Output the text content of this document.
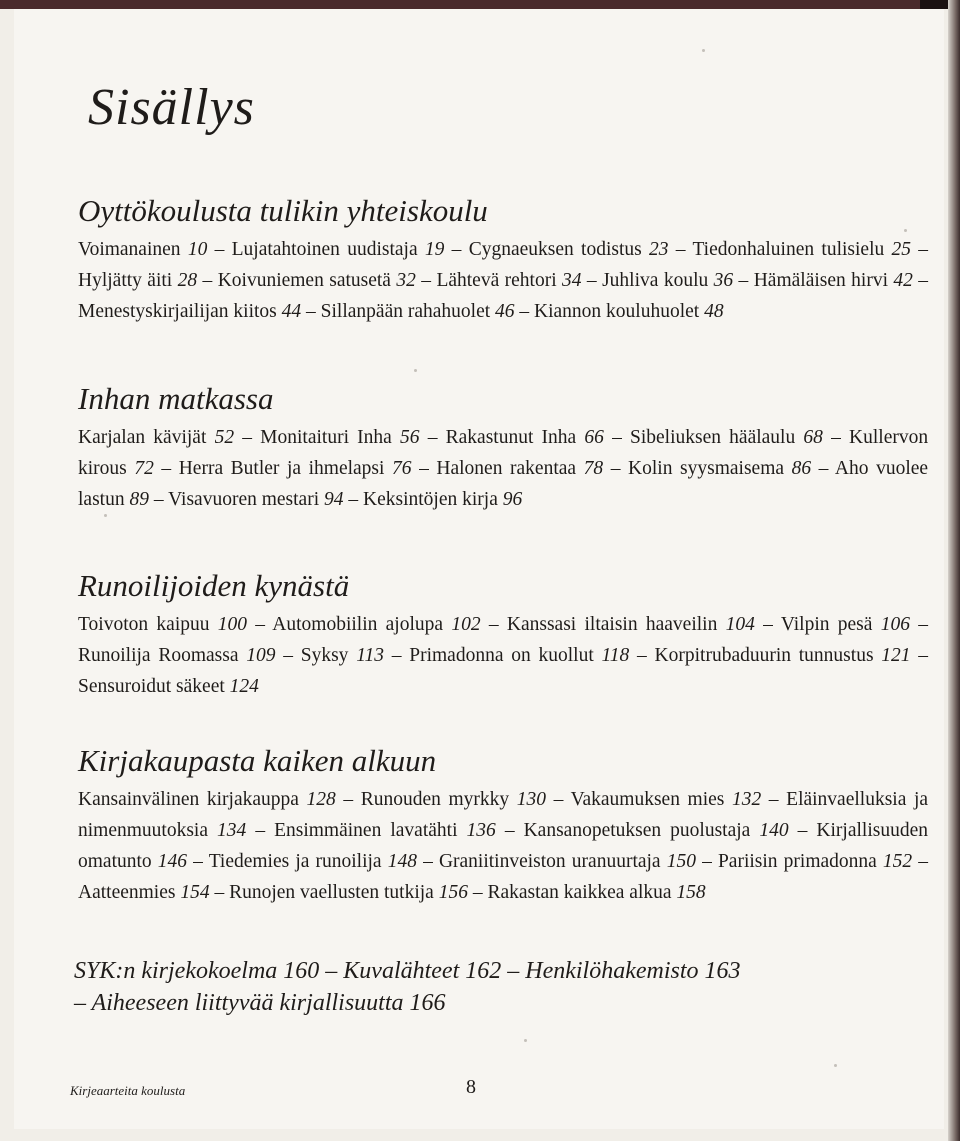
Sisällys
Oyttökoulusta tulikin yhteiskoulu
Voimanainen 10 – Lujatahtoinen uudistaja 19 – Cygnaeuksen todistus 23 – Tiedonhaluinen tulisielu 25 – Hyljätty äiti 28 – Koivuniemen satusetä 32 – Lähtevä rehtori 34 – Juhliva koulu 36 – Hämäläisen hirvi 42 – Menestyskirjailijan kiitos 44 – Sillanpään rahahuolet 46 – Kiannon kouluhuolet 48
Inhan matkassa
Karjalan kävijät 52 – Monitaituri Inha 56 – Rakastunut Inha 66 – Sibeliuksen häälaulu 68 – Kullervon kirous 72 – Herra Butler ja ihmelapsi 76 – Halonen rakentaa 78 – Kolin syysmaisema 86 – Aho vuolee lastun 89 – Visavuoren mestari 94 – Keksintöjen kirja 96
Runoilijoiden kynästä
Toivoton kaipuu 100 – Automobiilin ajolupa 102 – Kanssasi iltaisin haaveilin 104 – Vilpin pesä 106 – Runoilija Roomassa 109 – Syksy 113 – Primadonna on kuollut 118 – Korpitrubaduurin tunnustus 121 – Sensuroidut säkeet 124
Kirjakaupasta kaiken alkuun
Kansainvälinen kirjakauppa 128 – Runouden myrkky 130 – Vakaumuksen mies 132 – Eläinvaelluksia ja nimenmuutoksia 134 – Ensimmäinen lavatähti 136 – Kansanopetuksen puolustaja 140 – Kirjallisuuden omatunto 146 – Tiedemies ja runoilija 148 – Graniitinveiston uranuurtaja 150 – Pariisin primadonna 152 – Aatteenmies 154 – Runojen vaellusten tutkija 156 – Rakastan kaikkea alkua 158
SYK:n kirjekokoelma 160 – Kuvalähteet 162 – Henkilöhakemisto 163
– Aiheeseen liittyvää kirjallisuutta 166
Kirjeaarteita koulusta	8
